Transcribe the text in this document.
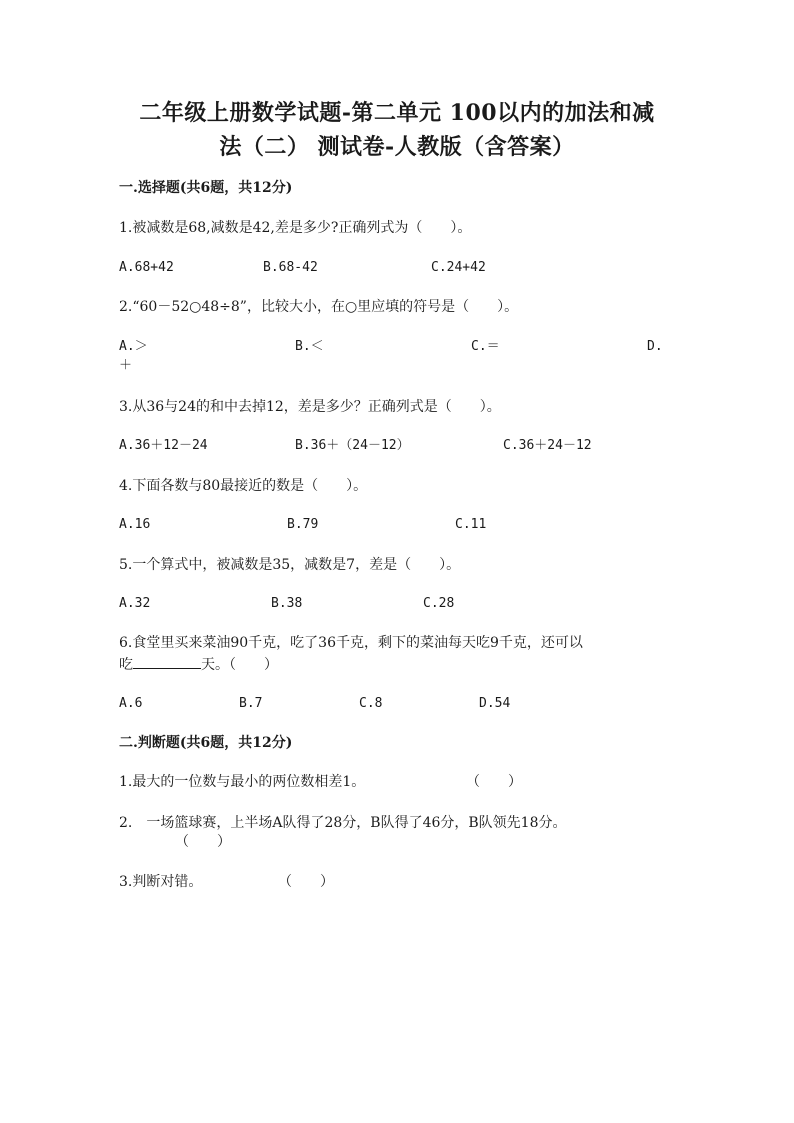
二年级上册数学试题-第二单元 100以内的加法和减
法（二） 测试卷-人教版（含答案）
一.选择题(共6题，共12分)
1.被减数是68,减数是42,差是多少?正确列式为（　　）。
A.68+42	B.68-42	C.24+42
2.“60－52○48÷8”，比较大小，在○里应填的符号是（　　）。
A.＞	B.＜	C.＝	D.
＋
3.从36与24的和中去掉12，差是多少？正确列式是（　　）。
A.36＋12－24	B.36＋（24－12）	C.36＋24－12
4.下面各数与80最接近的数是（　　）。
A.16	B.79	C.11
5.一个算式中，被减数是35，减数是7，差是（　　）。
A.32	B.38	C.28
6.食堂里买来菜油90千克，吃了36千克，剩下的菜油每天吃9千克，还可以
吃	天。（　　）
A.6	B.7	C.8	D.54
二.判断题(共6题，共12分)
1.最大的一位数与最小的两位数相差1。	（　　）
2.　一场篮球赛，上半场A队得了28分，B队得了46分，B队领先18分。
（　　）
3.判断对错。	（　　）
